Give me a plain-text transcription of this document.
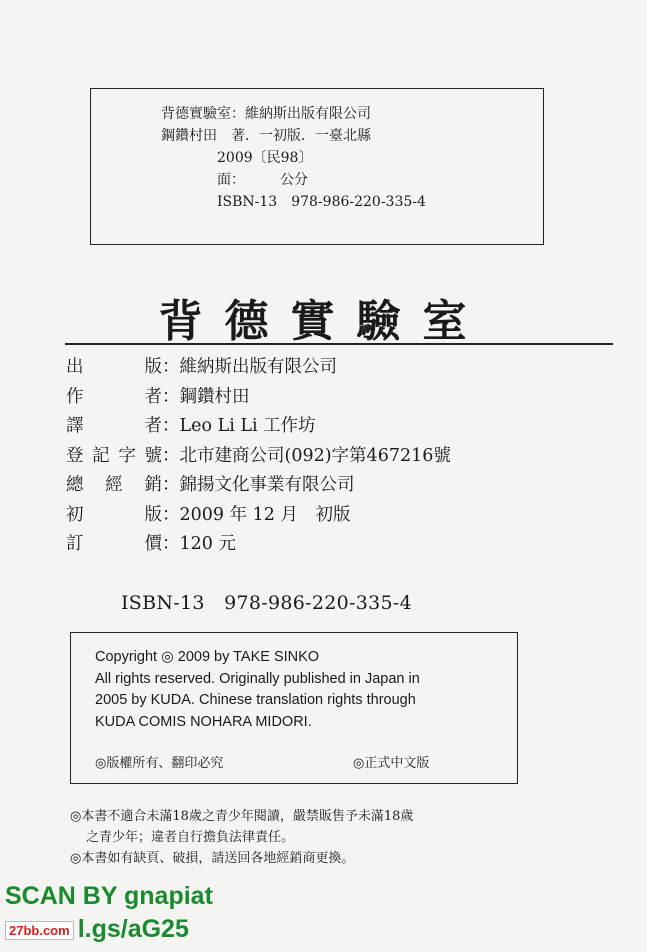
背德實驗室：維納斯出版有限公司
鋼鑽村田　著．一初版．一臺北縣
2009〔民98〕
面：　　　公分
ISBN-13　978-986-220-335-4
背德實驗室
出　　版：維納斯出版有限公司
作　　者：鋼鑽村田
譯　　者：Leo Li Li 工作坊
登記字號：北市建商公司(092)字第467216號
總 經 銷：錦揚文化事業有限公司
初　　版：2009 年 12 月　初版
訂　　價：120 元
ISBN-13　978-986-220-335-4
Copyright ◎ 2009 by TAKE SINKO
All rights reserved. Originally published in Japan in
2005 by KUDA. Chinese translation rights through
KUDA COMIS NOHARA MIDORI.
◎版權所有、翻印必究	◎正式中文版
◎本書不適合未滿18歲之青少年閱讀，嚴禁販售予未滿18歲
之青少年；違者自行擔負法律責任。
◎本書如有缺頁、破損，請送回各地經銷商更換。
SCAN BY gnapiat
27bb.com l.gs/aG25
